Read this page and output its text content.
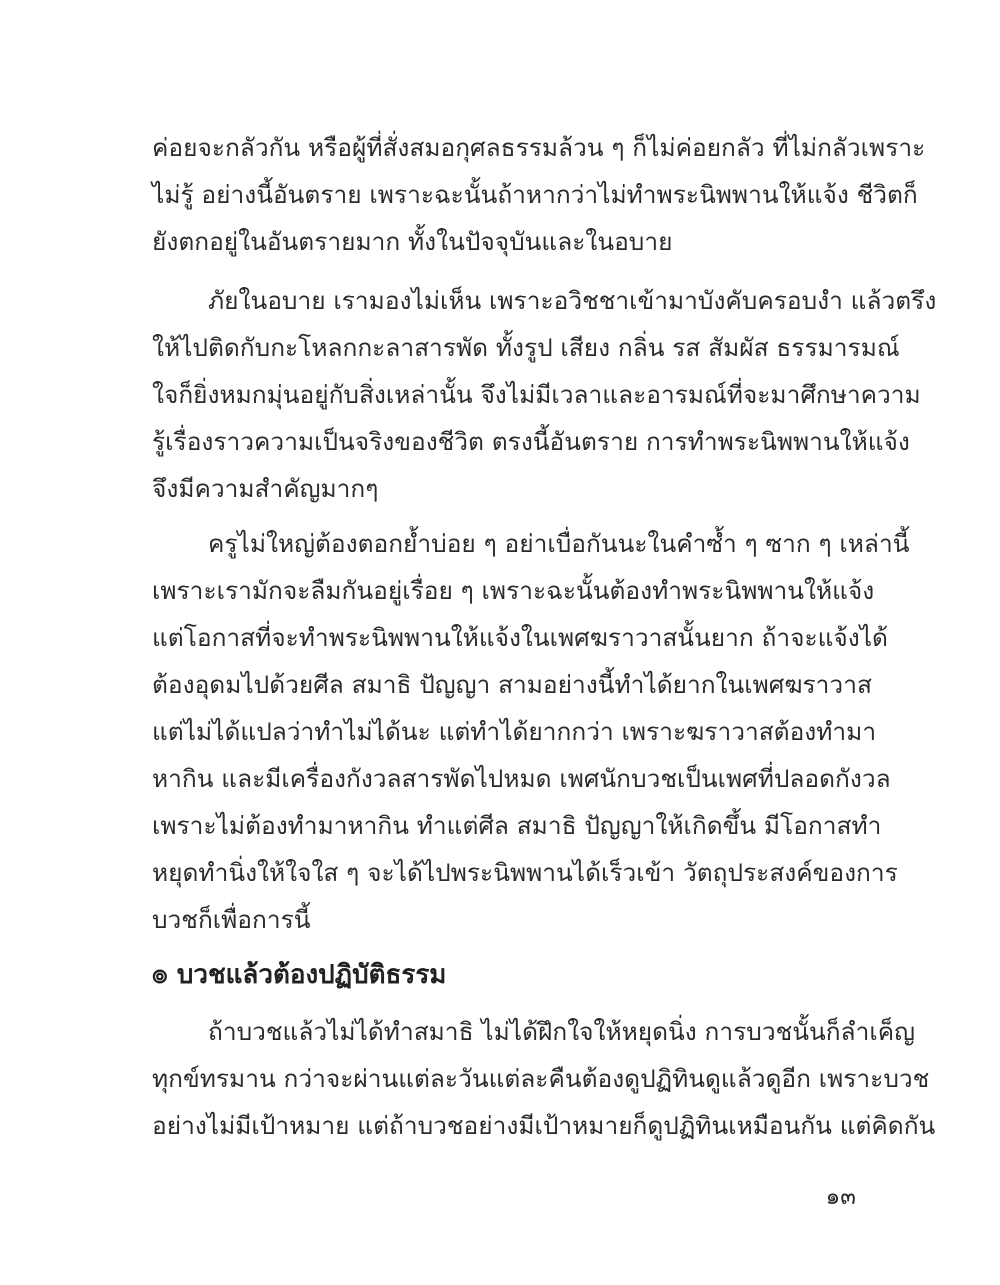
ค่อยจะกลัวกัน หรือผู้ที่สั่งสมอกุศลธรรมล้วน ๆ ก็ไม่ค่อยกลัว ที่ไม่กลัวเพราะ
ไม่รู้ อย่างนี้อันตราย เพราะฉะนั้นถ้าหากว่าไม่ทำพระนิพพานให้แจ้ง ชีวิตก็
ยังตกอยู่ในอันตรายมาก ทั้งในปัจจุบันและในอบาย
ภัยในอบาย เรามองไม่เห็น เพราะอวิชชาเข้ามาบังคับครอบงำ แล้วตรึง
ให้ไปติดกับกะโหลกกะลาสารพัด ทั้งรูป เสียง กลิ่น รส สัมผัส ธรรมารมณ์
ใจก็ยิ่งหมกมุ่นอยู่กับสิ่งเหล่านั้น จึงไม่มีเวลาและอารมณ์ที่จะมาศึกษาความ
รู้เรื่องราวความเป็นจริงของชีวิต ตรงนี้อันตราย การทำพระนิพพานให้แจ้ง
จึงมีความสำคัญมากๆ
ครูไม่ใหญ่ต้องตอกย้ำบ่อย ๆ อย่าเบื่อกันนะในคำซ้ำ ๆ ซาก ๆ เหล่านี้
เพราะเรามักจะลืมกันอยู่เรื่อย ๆ เพราะฉะนั้นต้องทำพระนิพพานให้แจ้ง
แต่โอกาสที่จะทำพระนิพพานให้แจ้งในเพศฆราวาสนั้นยาก ถ้าจะแจ้งได้
ต้องอุดมไปด้วยศีล สมาธิ ปัญญา สามอย่างนี้ทำได้ยากในเพศฆราวาส
แต่ไม่ได้แปลว่าทำไม่ได้นะ แต่ทำได้ยากกว่า เพราะฆราวาสต้องทำมา
หากิน และมีเครื่องกังวลสารพัดไปหมด เพศนักบวชเป็นเพศที่ปลอดกังวล
เพราะไม่ต้องทำมาหากิน ทำแต่ศีล สมาธิ ปัญญาให้เกิดขึ้น มีโอกาสทำ
หยุดทำนิ่งให้ใจใส ๆ จะได้ไปพระนิพพานได้เร็วเข้า วัตถุประสงค์ของการ
บวชก็เพื่อการนี้
๏ บวชแล้วต้องปฏิบัติธรรม
ถ้าบวชแล้วไม่ได้ทำสมาธิ ไม่ได้ฝึกใจให้หยุดนิ่ง การบวชนั้นก็ลำเค็ญ
ทุกข์ทรมาน กว่าจะผ่านแต่ละวันแต่ละคืนต้องดูปฏิทินดูแล้วดูอีก เพราะบวช
อย่างไม่มีเป้าหมาย แต่ถ้าบวชอย่างมีเป้าหมายก็ดูปฏิทินเหมือนกัน แต่คิดกัน
๑๓
